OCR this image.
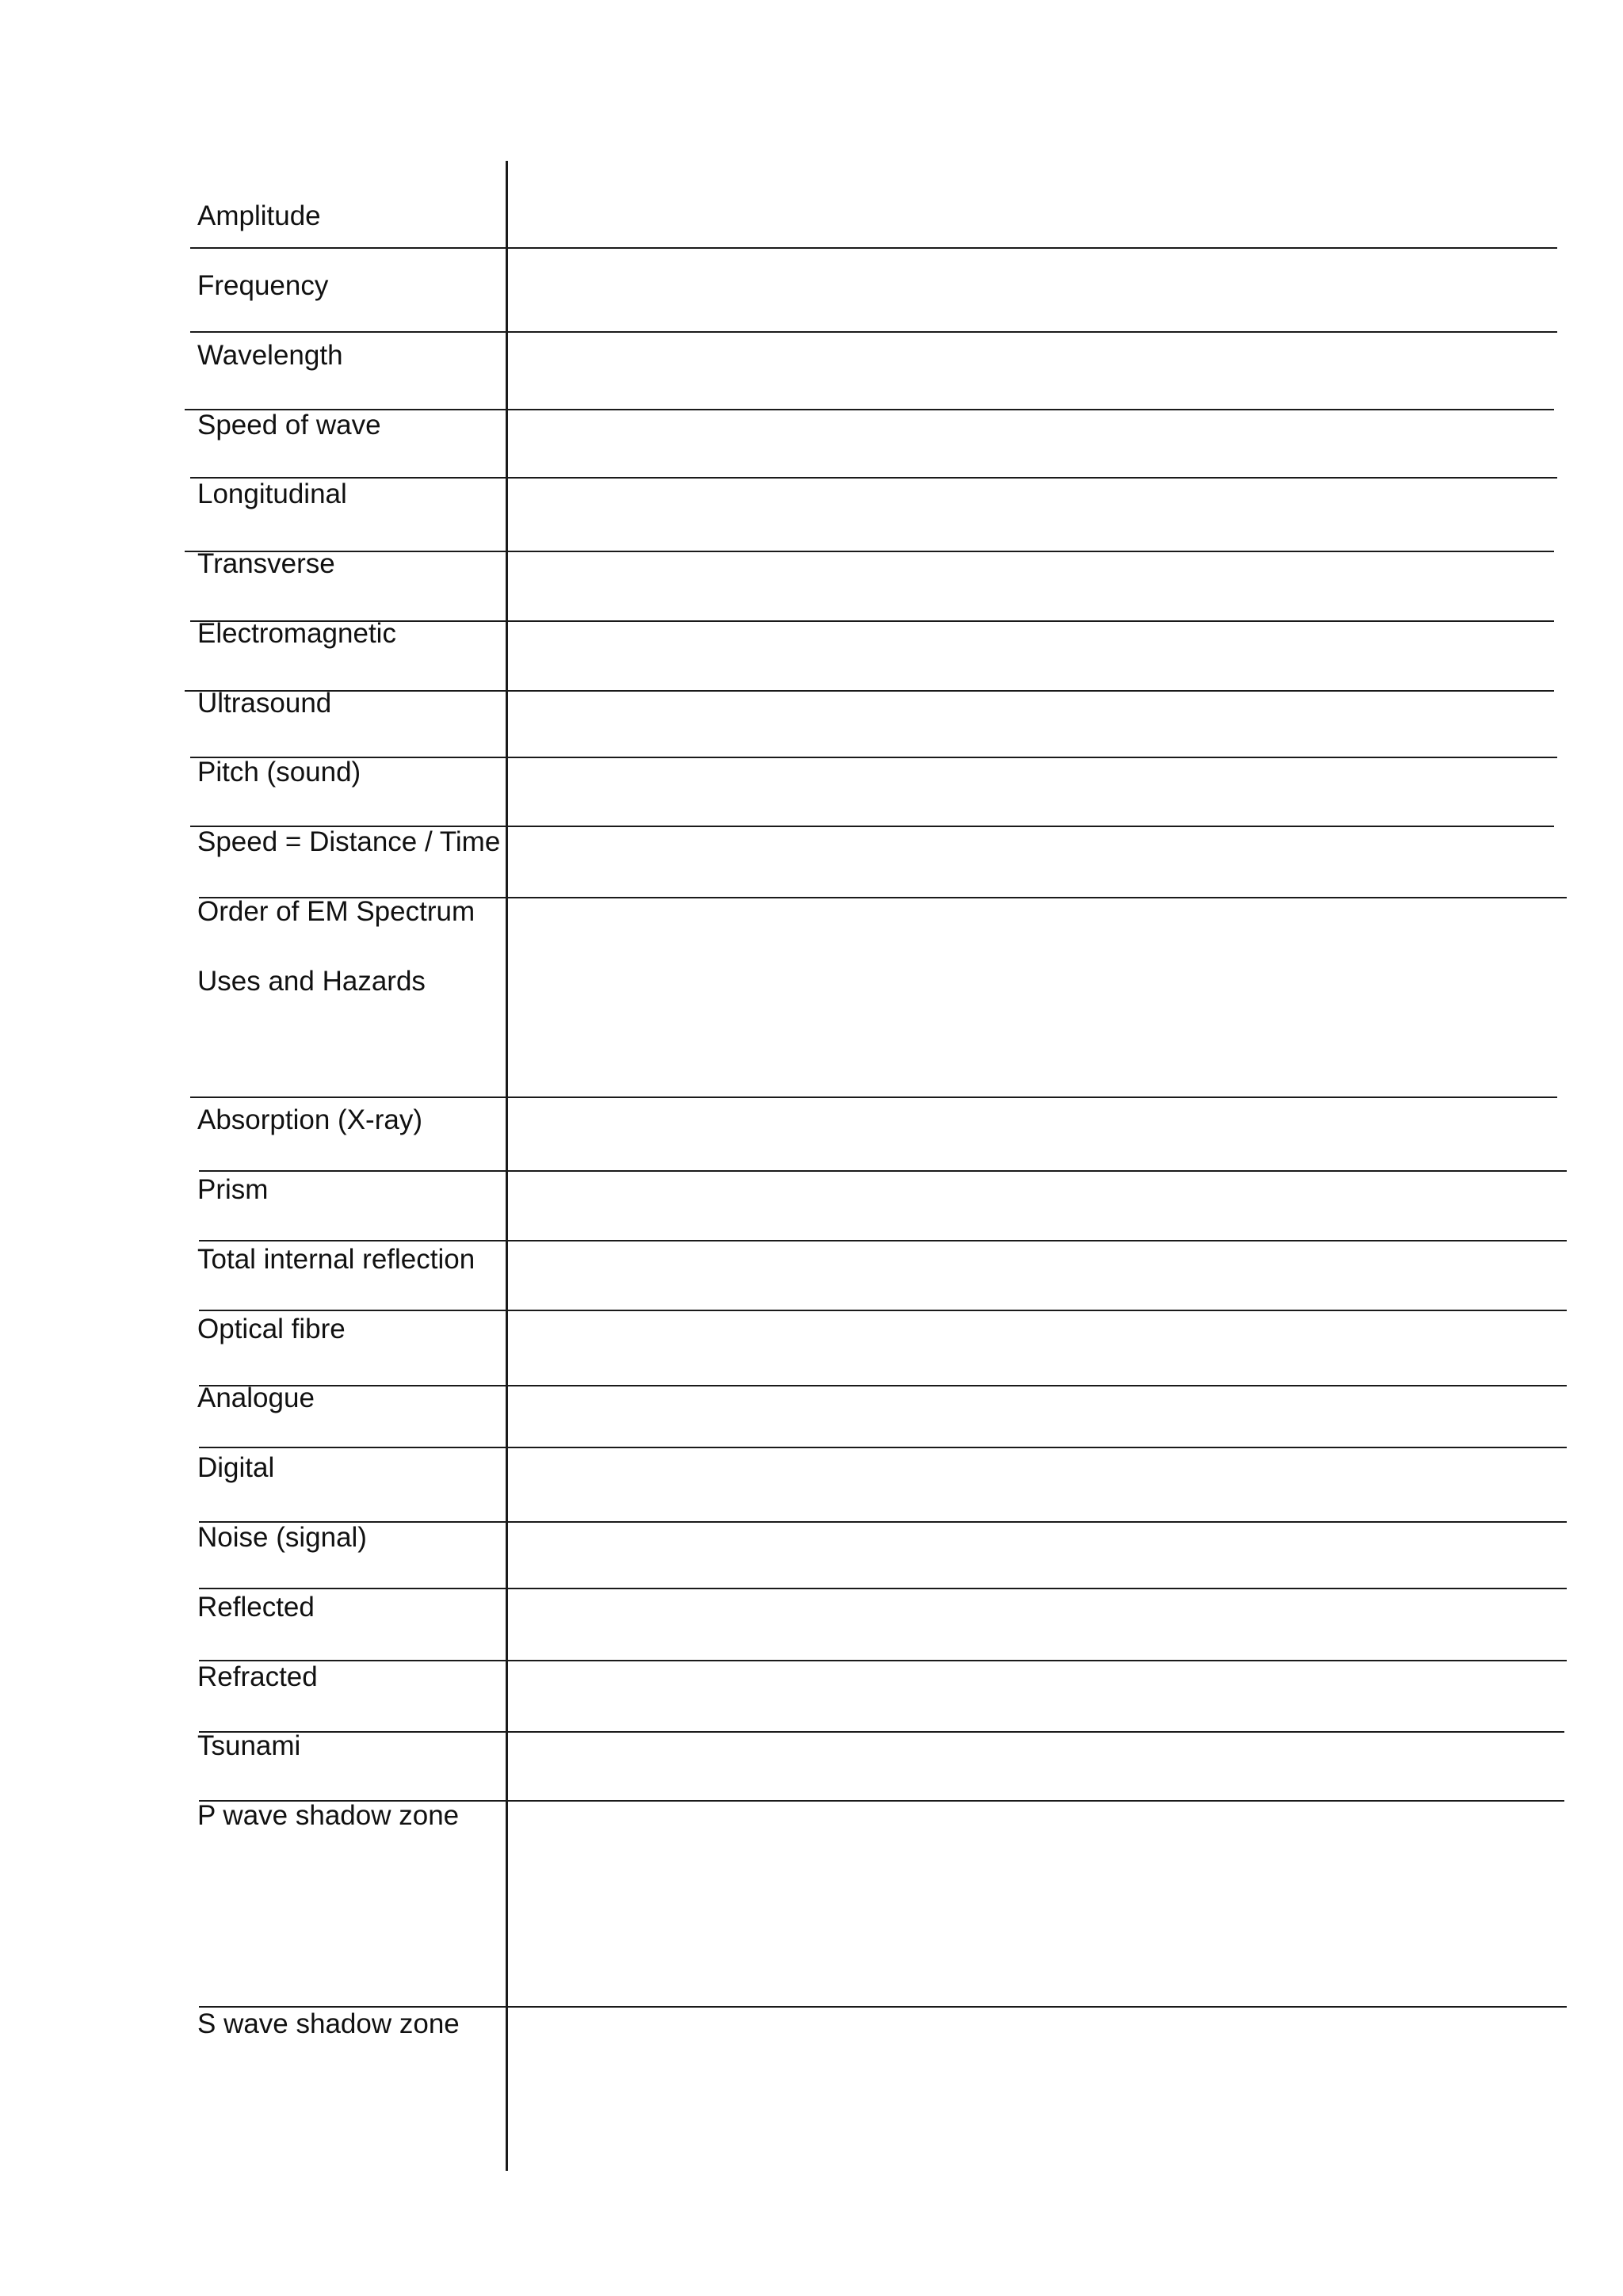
Amplitude
Frequency
Wavelength
Speed of wave
Longitudinal
Transverse
Electromagnetic
Ultrasound
Pitch (sound)
Speed = Distance / Time
Order of EM Spectrum
Uses and Hazards
Absorption (X-ray)
Prism
Total internal reflection
Optical fibre
Analogue
Digital
Noise (signal)
Reflected
Refracted
Tsunami
P wave shadow zone
S wave shadow zone
